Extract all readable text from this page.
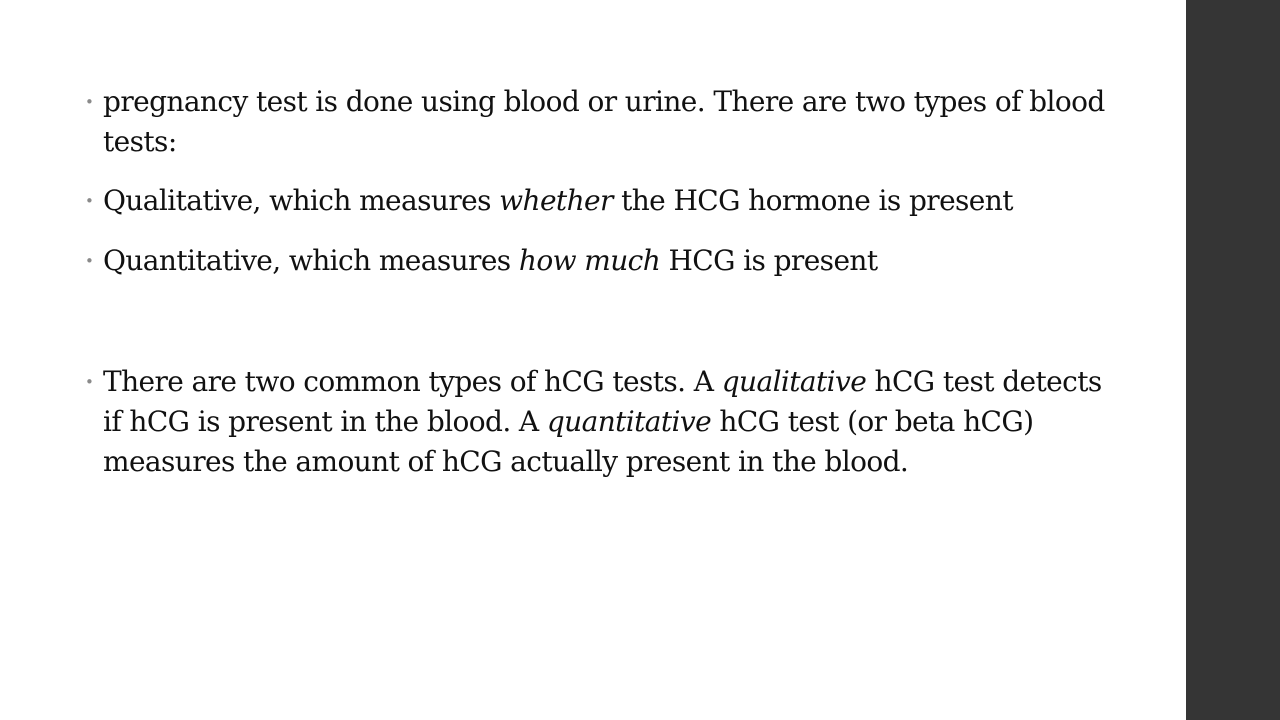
• pregnancy test is done using blood or urine. There are two types of blood tests:

• Qualitative, which measures whether the HCG hormone is present

• Quantitative, which measures how much HCG is present

• There are two common types of hCG tests. A qualitative hCG test detects if hCG is present in the blood. A quantitative hCG test (or beta hCG) measures the amount of hCG actually present in the blood.
